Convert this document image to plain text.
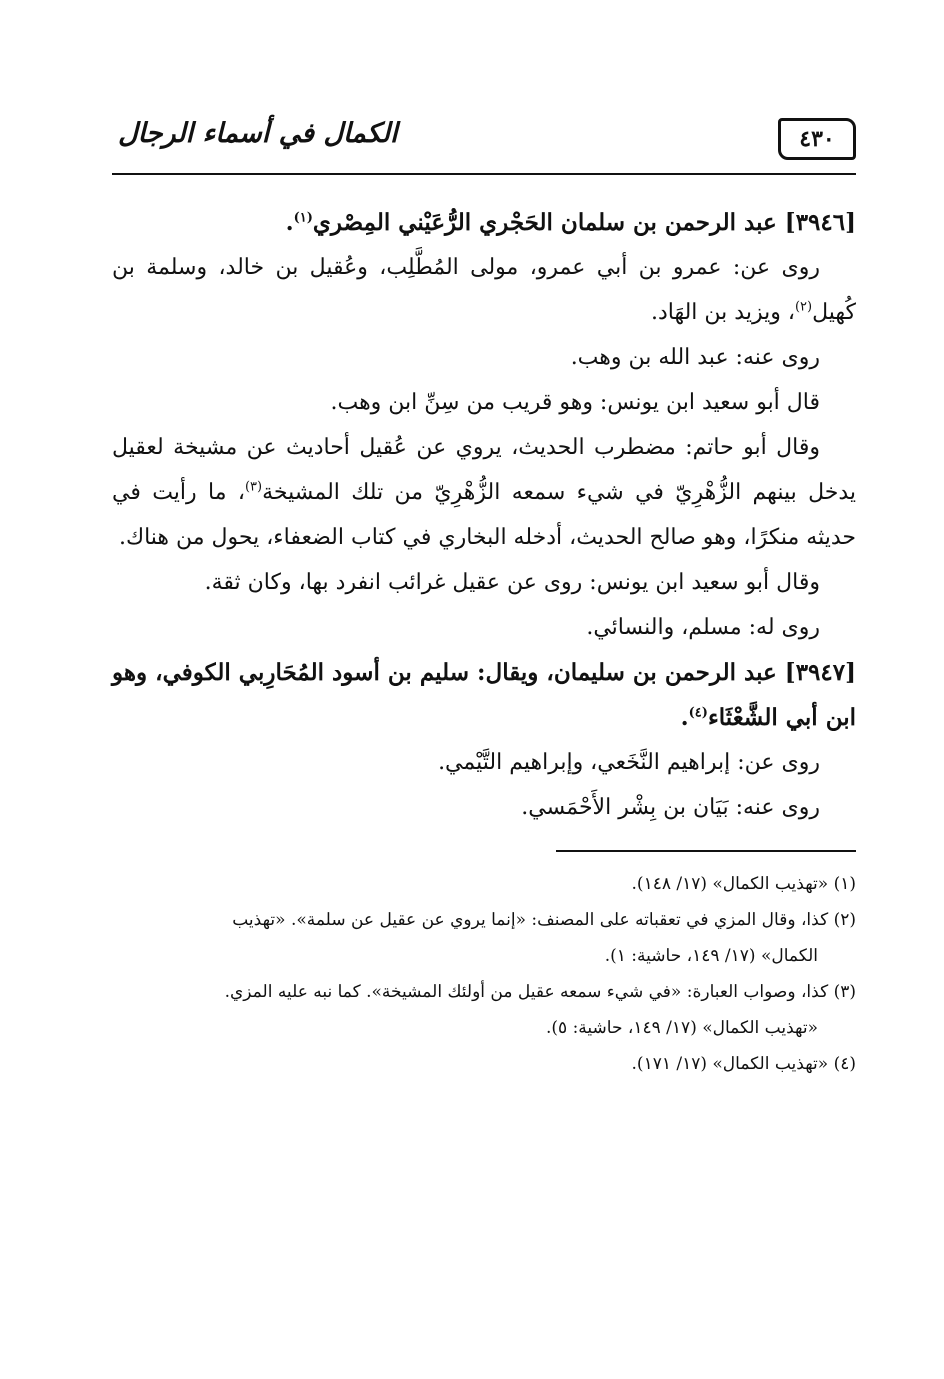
٤٣٠
الكمال في أسماء الرجال

[٣٩٤٦] عبد الرحمن بن سلمان الحَجْري الرُّعَيْني المِصْري$^{(١)}$.

روى عن: عمرو بن أبي عمرو، مولى المُطَّلِب، وعُقيل بن خالد، وسلمة بن كُهيل$^{(٢)}$، ويزيد بن الهَاد.

روى عنه: عبد الله بن وهب.

قال أبو سعيد ابن يونس: وهو قريب من سِنِّ ابن وهب.

وقال أبو حاتم: مضطرب الحديث، يروي عن عُقيل أحاديث عن مشيخة لعقيل يدخل بينهم الزُّهْرِيّ في شيء سمعه الزُّهْرِيّ من تلك المشيخة$^{(٣)}$، ما رأيت في حديثه منكرًا، وهو صالح الحديث، أدخله البخاري في كتاب الضعفاء، يحول من هناك.

وقال أبو سعيد ابن يونس: روى عن عقيل غرائب انفرد بها، وكان ثقة.

روى له: مسلم، والنسائي.

[٣٩٤٧] عبد الرحمن بن سليمان، ويقال: سليم بن أسود المُحَارِبي الكوفي، وهو ابن أبي الشَّعْثَاء$^{(٤)}$.

روى عن: إبراهيم النَّخَعي، وإبراهيم التَّيْمي.

روى عنه: بَيَان بن بِشْر الأَحْمَسي.

(١) «تهذيب الكمال» (١٧/ ١٤٨).

(٢) كذا، وقال المزي في تعقباته على المصنف: «إنما يروي عن عقيل عن سلمة». «تهذيب

الكمال» (١٧/ ١٤٩، حاشية: ١).

(٣) كذا، وصواب العبارة: «في شيء سمعه عقيل من أولئك المشيخة». كما نبه عليه المزي.

«تهذيب الكمال» (١٧/ ١٤٩، حاشية: ٥).

(٤) «تهذيب الكمال» (١٧/ ١٧١).
